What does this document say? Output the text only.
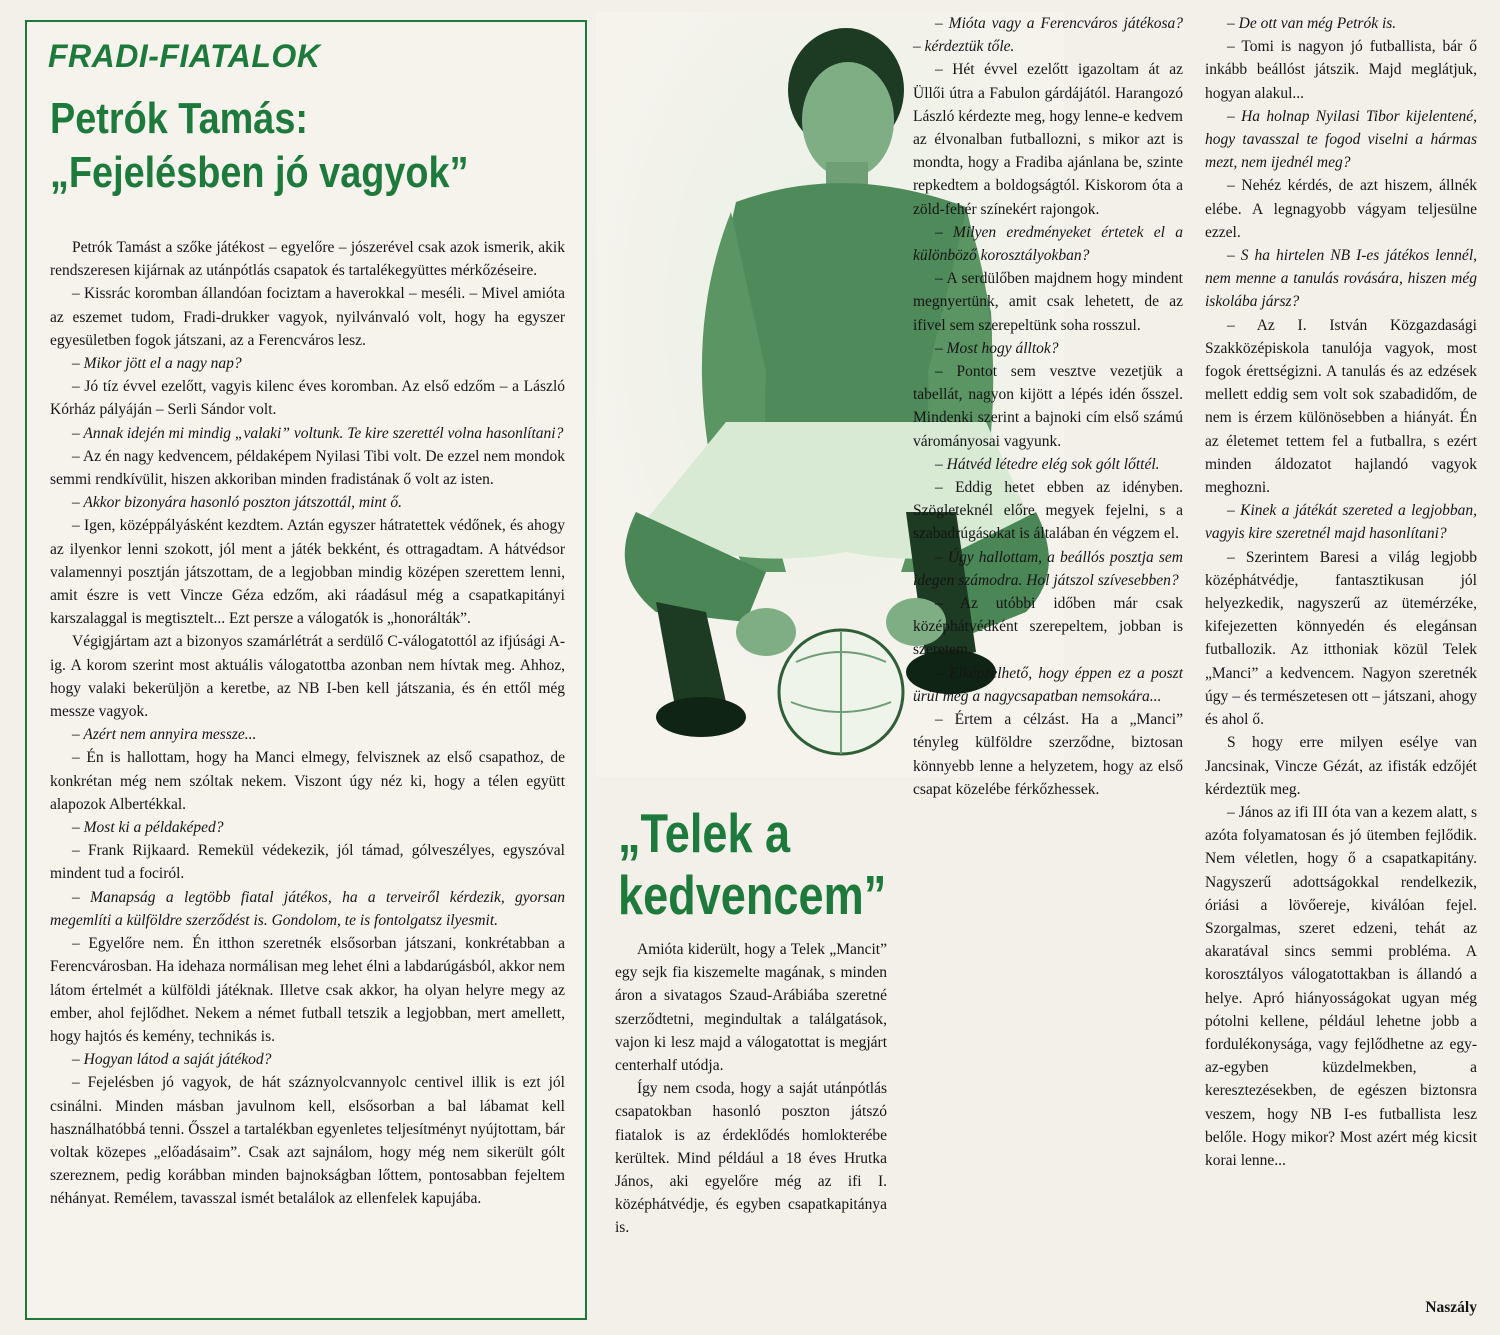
FRADI-FIATALOK
Petrók Tamás:
„Fejelésben jó vagyok”

Petrók Tamást a szőke játékost – egyelőre – jószerével csak azok ismerik, akik rendszeresen kijárnak az utánpótlás csapatok és tartalékegyüttes mérkőzéseire.

– Kissrác koromban állandóan fociztam a haverokkal – meséli. – Mivel amióta az eszemet tudom, Fradi-drukker vagyok, nyilvánvaló volt, hogy ha egyszer egyesületben fogok játszani, az a Ferencváros lesz.

– Mikor jött el a nagy nap?

– Jó tíz évvel ezelőtt, vagyis kilenc éves koromban. Az első edzőm – a László Kórház pályáján – Serli Sándor volt.

– Annak idején mi mindig „valaki” voltunk. Te kire szerettél volna hasonlítani?

– Az én nagy kedvencem, példaképem Nyilasi Tibi volt. De ezzel nem mondok semmi rendkívülit, hiszen akkoriban minden fradistának ő volt az isten.

– Akkor bizonyára hasonló poszton játszottál, mint ő.

– Igen, középpályásként kezdtem. Aztán egyszer hátratettek védőnek, és ahogy az ilyenkor lenni szokott, jól ment a játék bekként, és ottragadtam. A hátvédsor valamennyi posztján játszottam, de a legjobban mindig középen szerettem lenni, amit észre is vett Vincze Géza edzőm, aki ráadásul még a csapatkapitányi karszalaggal is megtisztelt... Ezt persze a válogatók is „honorálták”.

Végigjártam azt a bizonyos szamárlétrát a serdülő C-válogatottól az ifjúsági A-ig. A korom szerint most aktuális válogatottba azonban nem hívtak meg. Ahhoz, hogy valaki bekerüljön a keretbe, az NB I-ben kell játszania, és én ettől még messze vagyok.

– Azért nem annyira messze...

– Én is hallottam, hogy ha Manci elmegy, felvisznek az első csapathoz, de konkrétan még nem szóltak nekem. Viszont úgy néz ki, hogy a télen együtt alapozok Albertékkal.

– Most ki a példaképed?

– Frank Rijkaard. Remekül védekezik, jól támad, gólveszélyes, egyszóval mindent tud a fociról.

– Manapság a legtöbb fiatal játékos, ha a terveiről kérdezik, gyorsan megemlíti a külföldre szerződést is. Gondolom, te is fontolgatsz ilyesmit.

– Egyelőre nem. Én itthon szeretnék elsősorban játszani, konkrétabban a Ferencvárosban. Ha idehaza normálisan meg lehet élni a labdarúgásból, akkor nem látom értelmét a külföldi játéknak. Illetve csak akkor, ha olyan helyre megy az ember, ahol fejlődhet. Nekem a német futball tetszik a legjobban, mert amellett, hogy hajtós és kemény, technikás is.

– Hogyan látod a saját játékod?

– Fejelésben jó vagyok, de hát száznyolcvannyolc centivel illik is ezt jól csinálni. Minden másban javulnom kell, elsősorban a bal lábamat kell használhatóbbá tenni. Ősszel a tartalékban egyenletes teljesítményt nyújtottam, bár voltak közepes „előadásaim”. Csak azt sajnálom, hogy még nem sikerült gólt szereznem, pedig korábban minden bajnokságban lőttem, pontosabban fejeltem néhányat. Remélem, tavasszal ismét betalálok az ellenfelek kapujába.

„Telek a
kedvencem”

Amióta kiderült, hogy a Telek „Mancit” egy sejk fia kiszemelte magának, s minden áron a sivatagos Szaud-Arábiába szeretné szerződtetni, megindultak a találgatások, vajon ki lesz majd a válogatottat is megjárt centerhalf utódja.

Így nem csoda, hogy a saját utánpótlás csapatokban hasonló poszton játszó fiatalok is az érdeklődés homlokterébe kerültek. Mind például a 18 éves Hrutka János, aki egyelőre még az ifi I. középhátvédje, és egyben csapatkapitánya is.

– Mióta vagy a Ferencváros játékosa? – kérdeztük tőle.

– Hét évvel ezelőtt igazoltam át az Üllői útra a Fabulon gárdájától. Harangozó László kérdezte meg, hogy lenne-e kedvem az élvonalban futballozni, s mikor azt is mondta, hogy a Fradiba ajánlana be, szinte repkedtem a boldogságtól. Kiskorom óta a zöld-fehér színekért rajongok.

– Milyen eredményeket értetek el a különböző korosztályokban?

– A serdülőben majdnem hogy mindent megnyertünk, amit csak lehetett, de az ifivel sem szerepeltünk soha rosszul.

– Most hogy álltok?

– Pontot sem vesztve vezetjük a tabellát, nagyon kijött a lépés idén ősszel. Mindenki szerint a bajnoki cím első számú várományosai vagyunk.

– Hátvéd létedre elég sok gólt lőttél.

– Eddig hetet ebben az idényben. Szögleteknél előre megyek fejelni, s a szabadrúgásokat is általában én végzem el.

– Úgy hallottam, a beállós posztja sem idegen számodra. Hol játszol szívesebben?

– Az utóbbi időben már csak középhátvédként szerepeltem, jobban is szeretem.

– Elképzelhető, hogy éppen ez a poszt ürül meg a nagycsapatban nemsokára...

– Értem a célzást. Ha a „Manci” tényleg külföldre szerződne, biztosan könnyebb lenne a helyzetem, hogy az első csapat közelébe férkőzhessek.

– De ott van még Petrók is.

– Tomi is nagyon jó futballista, bár ő inkább beállóst játszik. Majd meglátjuk, hogyan alakul...

– Ha holnap Nyilasi Tibor kijelentené, hogy tavasszal te fogod viselni a hármas mezt, nem ijednél meg?

– Nehéz kérdés, de azt hiszem, állnék elébe. A legnagyobb vágyam teljesülne ezzel.

– S ha hirtelen NB I-es játékos lennél, nem menne a tanulás rovására, hiszen még iskolába jársz?

– Az I. István Közgazdasági Szakközépiskola tanulója vagyok, most fogok érettségizni. A tanulás és az edzések mellett eddig sem volt sok szabadidőm, de nem is érzem különösebben a hiányát. Én az életemet tettem fel a futballra, s ezért minden áldozatot hajlandó vagyok meghozni.

– Kinek a játékát szereted a legjobban, vagyis kire szeretnél majd hasonlítani?

– Szerintem Baresi a világ legjobb középhátvédje, fantasztikusan jól helyezkedik, nagyszerű az ütemérzéke, kifejezetten könnyedén és elegánsan futballozik. Az itthoniak közül Telek „Manci” a kedvencem. Nagyon szeretnék úgy – és természetesen ott – játszani, ahogy és ahol ő.

S hogy erre milyen esélye van Jancsinak, Vincze Gézát, az ifisták edzőjét kérdeztük meg.

– János az ifi III óta van a kezem alatt, s azóta folyamatosan és jó ütemben fejlődik. Nem véletlen, hogy ő a csapatkapitány. Nagyszerű adottságokkal rendelkezik, óriási a lövőereje, kiválóan fejel. Szorgalmas, szeret edzeni, tehát az akaratával sincs semmi probléma. A korosztályos válogatottakban is állandó a helye. Apró hiányosságokat ugyan még pótolni kellene, például lehetne jobb a fordulékonysága, vagy fejlődhetne az egy-az-egyben küzdelmekben, a keresztezésekben, de egészen biztonsra veszem, hogy NB I-es futballista lesz belőle. Hogy mikor? Most azért még kicsit korai lenne...

Naszály
